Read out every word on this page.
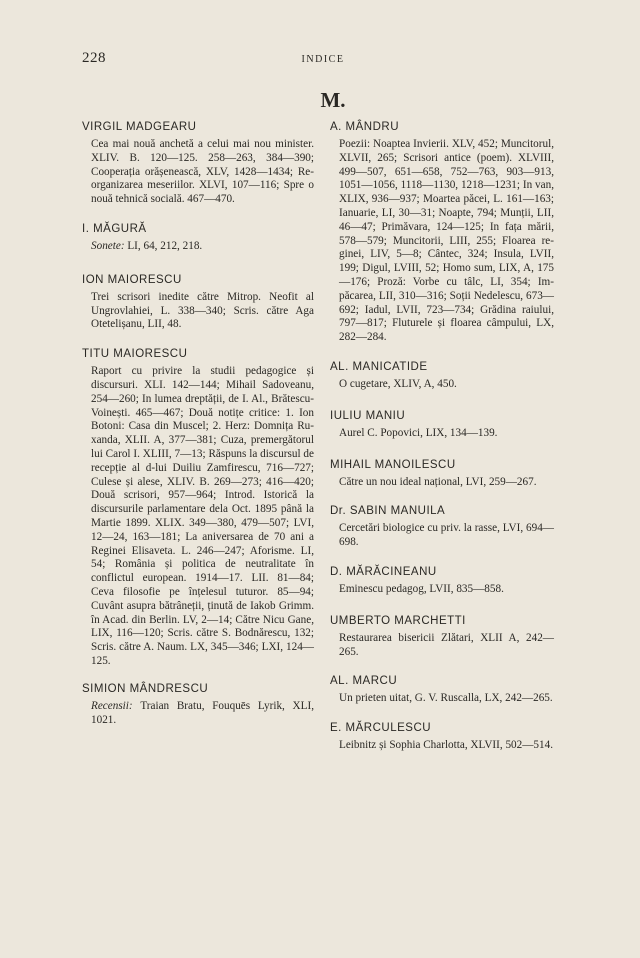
228	INDICE
M.
VIRGIL MADGEARU
Cea mai nouă anchetă a celui mai nou minister. XLIV. B. 120—125. 258—263, 384—390; Cooperația orășenească, XLV, 1428—1434; Reorganizarea meseriilor. XLVI, 107—116; Spre o nouă tehnică socială. 467—470.
I. MĂGURĂ
Sonete: LI, 64, 212, 218.
ION MAIORESCU
Trei scrisori inedite către Mitrop. Neofit al Ungrovlahiei, L. 338—340; Scris. către Aga Otetelișanu, LII, 48.
TITU MAIORESCU
Raport cu privire la studii pedagogice și discursuri. XLI. 142—144; Mihail Sadoveanu, 254—260; In lumea dreptății, de I. Al., Brătescu-Voinești. 465—467; Două notițe critice: 1. Ion Botoni: Casa din Muscel; 2. Herz: Domnița Ruxanda, XLII. A, 377—381; Cuza, premergătorul lui Carol I. XLIII, 7—13; Răspuns la discursul de recepție al d-lui Duiliu Zamfirescu, 716—727; Culese și alese, XLIV. B. 269—273; 416—420; Două scrisori, 957—964; Introd. Istorică la discursurile parlamentare dela Oct. 1895 până la Martie 1899. XLIX. 349—380, 479—507; LVI, 12—24, 163—181; La aniversarea de 70 ani a Reginei Elisaveta. L. 246—247; Aforisme. LI, 54; România și politica de neutralitate în conflictul european. 1914—17. LII. 81—84; Ceva filosofie pe înțelesul tuturor. 85—94; Cuvânt asupra bătrâneții, ținută de Iakob Grimm. în Acad. din Berlin. LV, 2—14; Către Nicu Gane, LIX, 116—120; Scris. către S. Bodnărescu, 132; Scris. către A. Naum. LX, 345—346; LXI, 124—125.
SIMION MÂNDRESCU
Recensii: Traian Bratu, Fouquēs Lyrik, XLI, 1021.
A. MÂNDRU
Poezii: Noaptea Invierii. XLV, 452; Muncitorul, XLVII, 265; Scrisori antice (poem). XLVIII, 499—507, 651—658, 752—763, 903—913, 1051—1056, 1118—1130, 1218—1231; In van, XLIX, 936—937; Moartea păcei, L. 161—163; Ianuarie, LI, 30—31; Noapte, 794; Munții, LII, 46—47; Primăvara, 124—125; In fața mării, 578—579; Muncitorii, LIII, 255; Floarea reginei, LIV, 5—8; Cântec, 324; Insula, LVII, 199; Digul, LVIII, 52; Homo sum, LIX, A, 175—176; Proză: Vorbe cu tâlc, LI, 354; Impăcarea, LII, 310—316; Soții Nedelescu, 673—692; Iadul, LVII, 723—734; Grădina raiului, 797—817; Fluturele și floarea câmpului, LX, 282—284.
AL. MANICATIDE
O cugetare, XLIV, A, 450.
IULIU MANIU
Aurel C. Popovici, LIX, 134—139.
MIHAIL MANOILESCU
Către un nou ideal național, LVI, 259—267.
Dr. SABIN MANUILA
Cercetări biologice cu priv. la rasse, LVI, 694—698.
D. MĂRĂCINEANU
Eminescu pedagog, LVII, 835—858.
UMBERTO MARCHETTI
Restaurarea bisericii Zlătari, XLII A, 242—265.
AL. MARCU
Un prieten uitat, G. V. Ruscalla, LX, 242—265.
E. MĂRCULESCU
Leibnitz și Sophia Charlotta, XLVII, 502—514.
